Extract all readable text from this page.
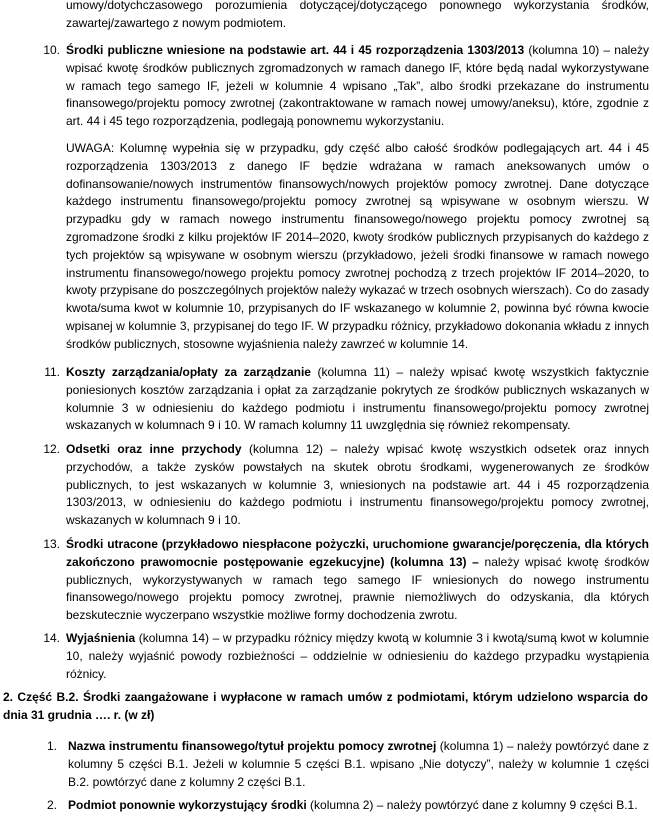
umowy/dotychczasowego porozumienia dotyczącej/dotyczącego ponownego wykorzystania środków, zawartej/zawartego z nowym podmiotem.

10. Środki publiczne wniesione na podstawie art. 44 i 45 rozporządzenia 1303/2013 (kolumna 10) – należy wpisać kwotę środków publicznych zgromadzonych w ramach danego IF, które będą nadal wykorzystywane w ramach tego samego IF, jeżeli w kolumnie 4 wpisano „Tak”, albo środki przekazane do instrumentu finansowego/projektu pomocy zwrotnej (zakontraktowane w ramach nowej umowy/aneksu), które, zgodnie z art. 44 i 45 tego rozporządzenia, podlegają ponownemu wykorzystaniu.

UWAGA: Kolumnę wypełnia się w przypadku, gdy część albo całość środków podlegających art. 44 i 45 rozporządzenia 1303/2013 z danego IF będzie wdrażana w ramach aneksowanych umów o dofinansowanie/nowych instrumentów finansowych/nowych projektów pomocy zwrotnej. Dane dotyczące każdego instrumentu finansowego/projektu pomocy zwrotnej są wpisywane w osobnym wierszu. W przypadku gdy w ramach nowego instrumentu finansowego/nowego projektu pomocy zwrotnej są zgromadzone środki z kilku projektów IF 2014–2020, kwoty środków publicznych przypisanych do każdego z tych projektów są wpisywane w osobnym wierszu (przykładowo, jeżeli środki finansowe w ramach nowego instrumentu finansowego/nowego projektu pomocy zwrotnej pochodzą z trzech projektów IF 2014–2020, to kwoty przypisane do poszczególnych projektów należy wykazać w trzech osobnych wierszach). Co do zasady kwota/suma kwot w kolumnie 10, przypisanych do IF wskazanego w kolumnie 2, powinna być równa kwocie wpisanej w kolumnie 3, przypisanej do tego IF. W przypadku różnicy, przykładowo dokonania wkładu z innych środków publicznych, stosowne wyjaśnienia należy zawrzeć w kolumnie 14.

11. Koszty zarządzania/opłaty za zarządzanie (kolumna 11) – należy wpisać kwotę wszystkich faktycznie poniesionych kosztów zarządzania i opłat za zarządzanie pokrytych ze środków publicznych wskazanych w kolumnie 3 w odniesieniu do każdego podmiotu i instrumentu finansowego/projektu pomocy zwrotnej wskazanych w kolumnach 9 i 10. W ramach kolumny 11 uwzględnia się również rekompensaty.

12. Odsetki oraz inne przychody (kolumna 12) – należy wpisać kwotę wszystkich odsetek oraz innych przychodów, a także zysków powstałych na skutek obrotu środkami, wygenerowanych ze środków publicznych, to jest wskazanych w kolumnie 3, wniesionych na podstawie art. 44 i 45 rozporządzenia 1303/2013, w odniesieniu do każdego podmiotu i instrumentu finansowego/projektu pomocy zwrotnej, wskazanych w kolumnach 9 i 10.

13. Środki utracone (przykładowo niespłacone pożyczki, uruchomione gwarancje/poręczenia, dla których zakończono prawomocnie postępowanie egzekucyjne) (kolumna 13) – należy wpisać kwotę środków publicznych, wykorzystywanych w ramach tego samego IF wniesionych do nowego instrumentu finansowego/nowego projektu pomocy zwrotnej, prawnie niemożliwych do odzyskania, dla których bezskutecznie wyczerpano wszystkie możliwe formy dochodzenia zwrotu.

14. Wyjaśnienia (kolumna 14) – w przypadku różnicy między kwotą w kolumnie 3 i kwotą/sumą kwot w kolumnie 10, należy wyjaśnić powody rozbieżności – oddzielnie w odniesieniu do każdego przypadku wystąpienia różnicy.

2. Część B.2. Środki zaangażowane i wypłacone w ramach umów z podmiotami, którym udzielono wsparcia do dnia 31 grudnia …. r. (w zł)

1. Nazwa instrumentu finansowego/tytuł projektu pomocy zwrotnej (kolumna 1) – należy powtórzyć dane z kolumny 5 części B.1. Jeżeli w kolumnie 5 części B.1. wpisano „Nie dotyczy”, należy w kolumnie 1 części B.2. powtórzyć dane z kolumny 2 części B.1.

2. Podmiot ponownie wykorzystujący środki (kolumna 2) – należy powtórzyć dane z kolumny 9 części B.1.
